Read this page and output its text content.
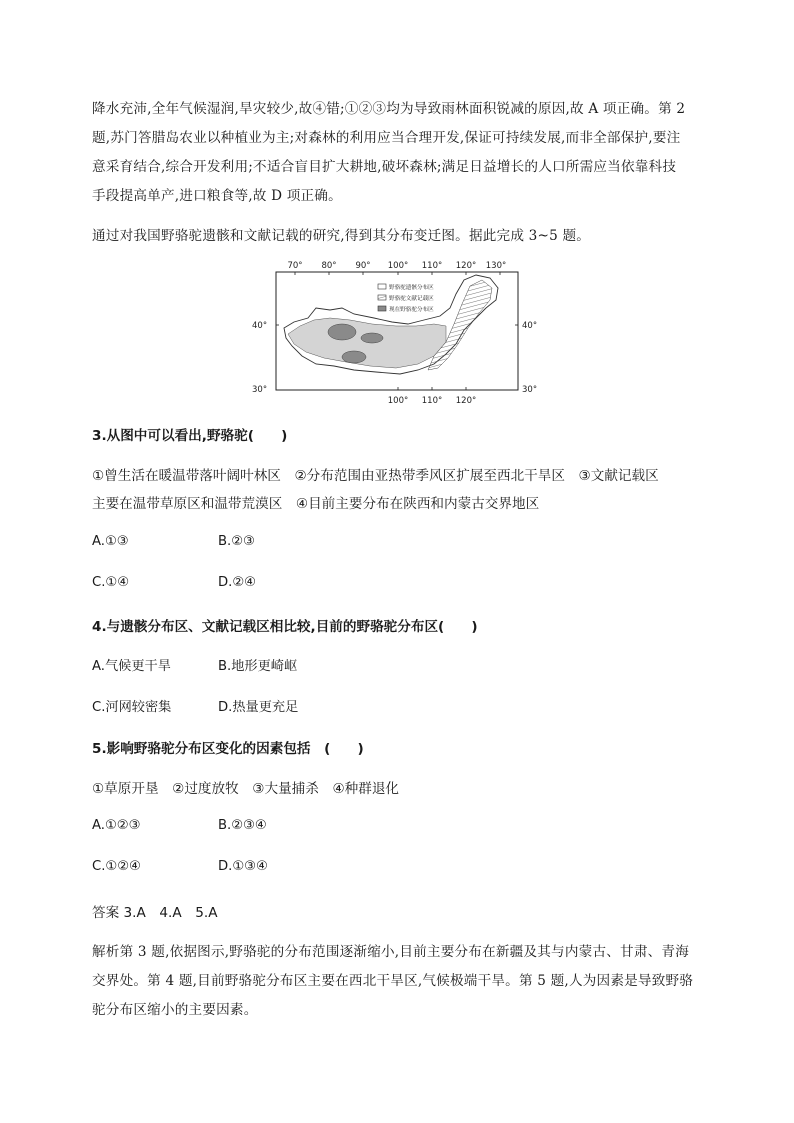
降水充沛,全年气候湿润,旱灾较少,故④错;①②③均为导致雨林面积锐减的原因,故 A 项正确。第 2
题,苏门答腊岛农业以种植业为主;对森林的利用应当合理开发,保证可持续发展,而非全部保护,要注
意采育结合,综合开发利用;不适合盲目扩大耕地,破坏森林;满足日益增长的人口所需应当依靠科技
手段提高单产,进口粮食等,故 D 项正确。
通过对我国野骆驼遗骸和文献记载的研究,得到其分布变迁图。据此完成 3~5 题。
70° 80° 90° 100° 110° 120° 130°
100° 110° 120°
40°
30°
40°
30°
野骆驼遗骸分布区
野骆驼文献记载区
现在野骆驼分布区
3.从图中可以看出,野骆驼(　　)
①曾生活在暖温带落叶阔叶林区　②分布范围由亚热带季风区扩展至西北干旱区　③文献记载区
主要在温带草原区和温带荒漠区　④目前主要分布在陕西和内蒙古交界地区
A.①③	B.②③
C.①④	D.②④
4.与遗骸分布区、文献记载区相比较,目前的野骆驼分布区(　　)
A.气候更干旱	B.地形更崎岖
C.河网较密集	D.热量更充足
5.影响野骆驼分布区变化的因素包括　(　　)
①草原开垦　②过度放牧　③大量捕杀　④种群退化
A.①②③	B.②③④
C.①②④	D.①③④
答案 3.A　4.A　5.A
解析第 3 题,依据图示,野骆驼的分布范围逐渐缩小,目前主要分布在新疆及其与内蒙古、甘肃、青海
交界处。第 4 题,目前野骆驼分布区主要在西北干旱区,气候极端干旱。第 5 题,人为因素是导致野骆
驼分布区缩小的主要因素。
